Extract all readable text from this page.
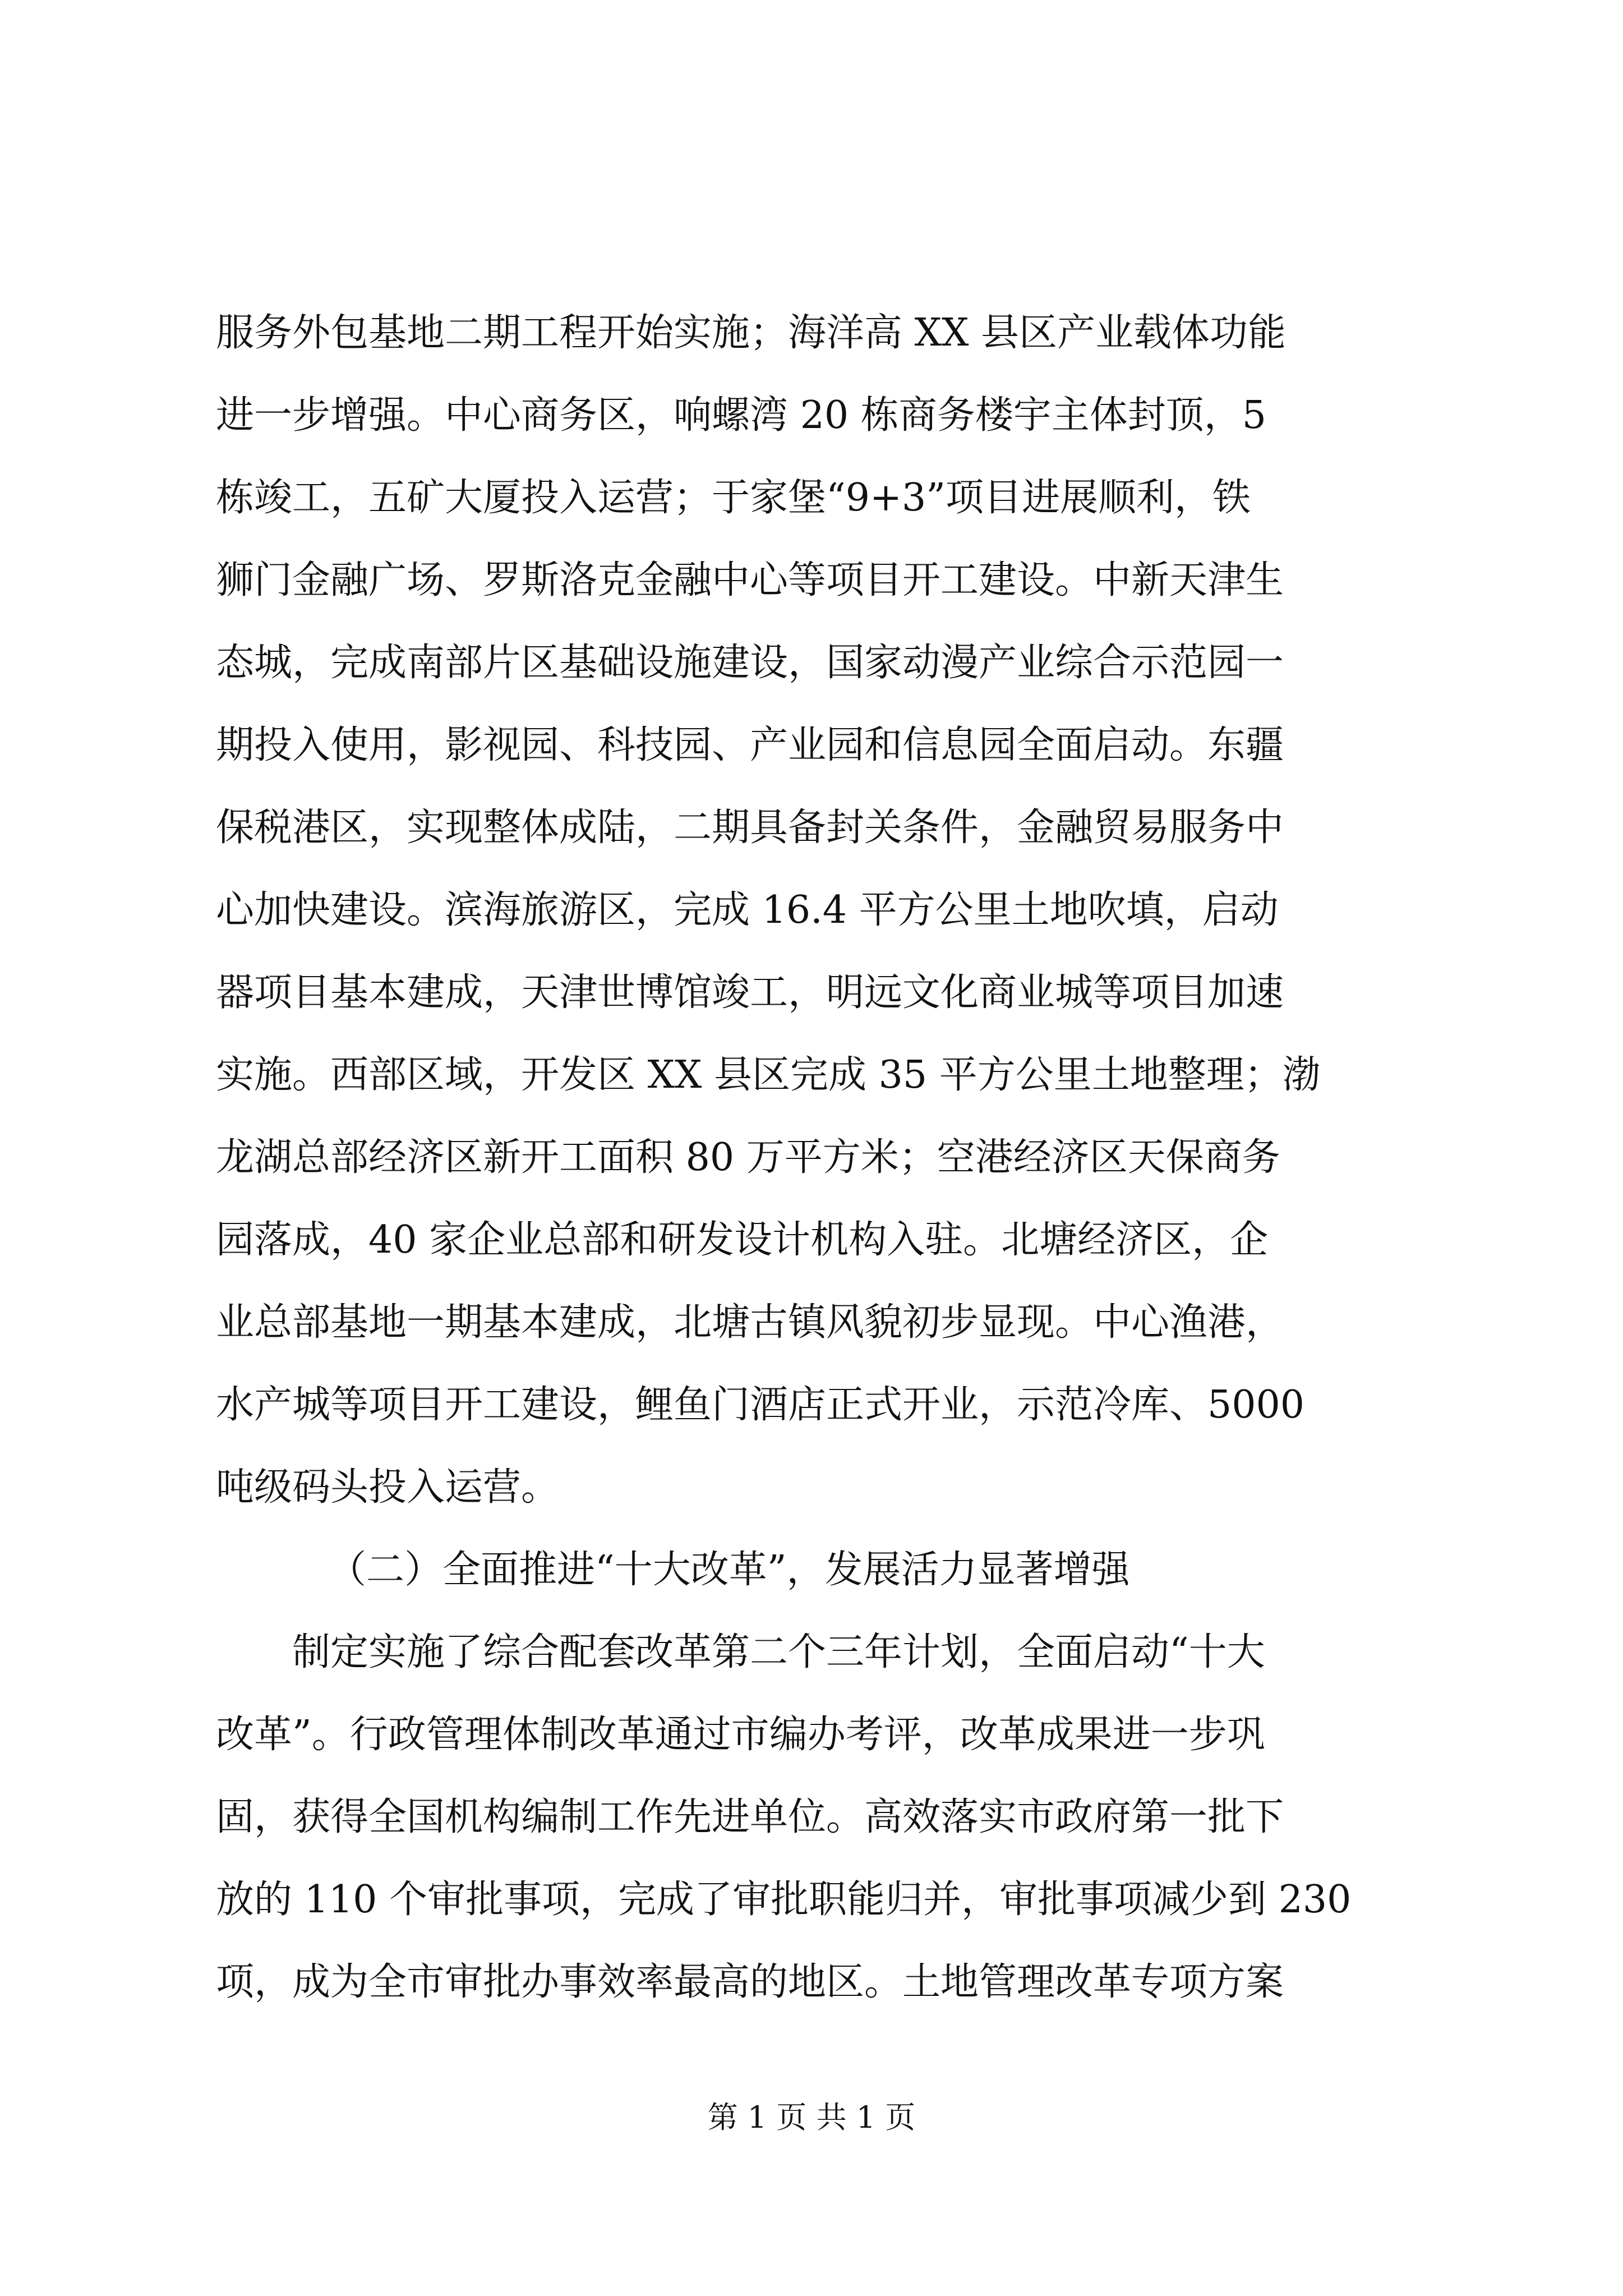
服务外包基地二期工程开始实施；海洋高 XX 县区产业载体功能
进一步增强。中心商务区，响螺湾 20 栋商务楼宇主体封顶，5
栋竣工，五矿大厦投入运营；于家堡“9+3”项目进展顺利，铁
狮门金融广场、罗斯洛克金融中心等项目开工建设。中新天津生
态城，完成南部片区基础设施建设，国家动漫产业综合示范园一
期投入使用，影视园、科技园、产业园和信息园全面启动。东疆
保税港区，实现整体成陆，二期具备封关条件，金融贸易服务中
心加快建设。滨海旅游区，完成 16.4 平方公里土地吹填，启动
器项目基本建成，天津世博馆竣工，明远文化商业城等项目加速
实施。西部区域，开发区 XX 县区完成 35 平方公里土地整理；渤
龙湖总部经济区新开工面积 80 万平方米；空港经济区天保商务
园落成，40 家企业总部和研发设计机构入驻。北塘经济区，企
业总部基地一期基本建成，北塘古镇风貌初步显现。中心渔港，
水产城等项目开工建设，鲤鱼门酒店正式开业，示范冷库、5000
吨级码头投入运营。
（二）全面推进“十大改革”，发展活力显著增强
制定实施了综合配套改革第二个三年计划，全面启动“十大
改革”。行政管理体制改革通过市编办考评，改革成果进一步巩
固，获得全国机构编制工作先进单位。高效落实市政府第一批下
放的 110 个审批事项，完成了审批职能归并，审批事项减少到 230
项，成为全市审批办事效率最高的地区。土地管理改革专项方案
第 1 页 共 1 页
